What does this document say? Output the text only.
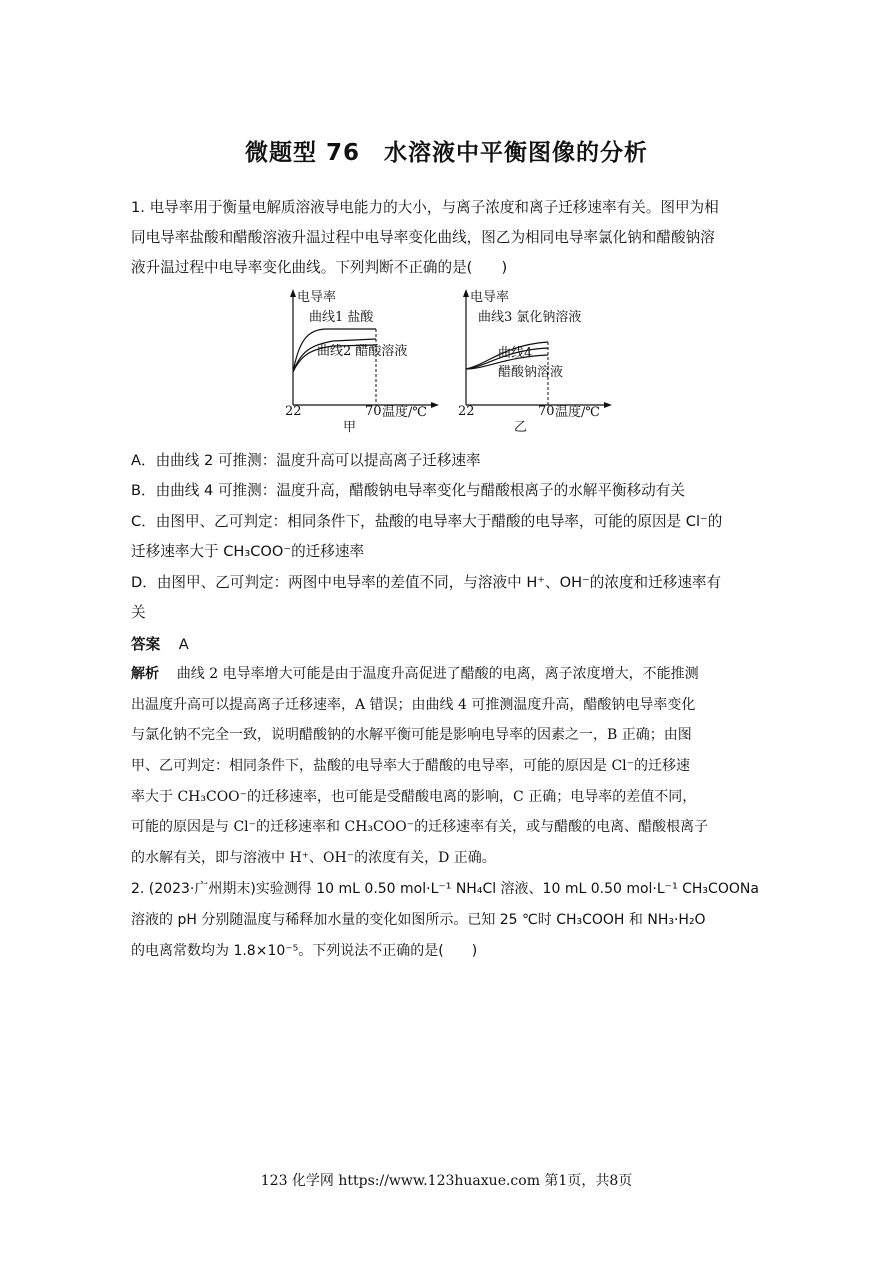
微题型 76　水溶液中平衡图像的分析
1. 电导率用于衡量电解质溶液导电能力的大小，与离子浓度和离子迁移速率有关。图甲为相
同电导率盐酸和醋酸溶液升温过程中电导率变化曲线，图乙为相同电导率氯化钠和醋酸钠溶
液升温过程中电导率变化曲线。下列判断不正确的是(　　)
电导率
曲线1 盐酸
曲线2 醋酸溶液
22	70 温度/℃
甲
电导率
曲线3 氯化钠溶液
曲线4
醋酸钠溶液
22	70 温度/℃
乙
A．由曲线 2 可推测：温度升高可以提高离子迁移速率
B．由曲线 4 可推测：温度升高，醋酸钠电导率变化与醋酸根离子的水解平衡移动有关
C．由图甲、乙可判定：相同条件下，盐酸的电导率大于醋酸的电导率，可能的原因是 Cl⁻的
迁移速率大于 CH₃COO⁻的迁移速率
D．由图甲、乙可判定：两图中电导率的差值不同，与溶液中 H⁺、OH⁻的浓度和迁移速率有
关
答案 A
解析 曲线 2 电导率增大可能是由于温度升高促进了醋酸的电离，离子浓度增大，不能推测
出温度升高可以提高离子迁移速率，A 错误；由曲线 4 可推测温度升高，醋酸钠电导率变化
与氯化钠不完全一致，说明醋酸钠的水解平衡可能是影响电导率的因素之一，B 正确；由图
甲、乙可判定：相同条件下，盐酸的电导率大于醋酸的电导率，可能的原因是 Cl⁻的迁移速
率大于 CH₃COO⁻的迁移速率，也可能是受醋酸电离的影响，C 正确；电导率的差值不同，
可能的原因是与 Cl⁻的迁移速率和 CH₃COO⁻的迁移速率有关，或与醋酸的电离、醋酸根离子
的水解有关，即与溶液中 H⁺、OH⁻的浓度有关，D 正确。
2. (2023·广州期末)实验测得 10 mL 0.50 mol·L⁻¹ NH₄Cl 溶液、10 mL 0.50 mol·L⁻¹ CH₃COONa
溶液的 pH 分别随温度与稀释加水量的变化如图所示。已知 25 ℃时 CH₃COOH 和 NH₃·H₂O
的电离常数均为 1.8×10⁻⁵。下列说法不正确的是(　　)
123 化学网 https://www.123huaxue.com 第1页，共8页
